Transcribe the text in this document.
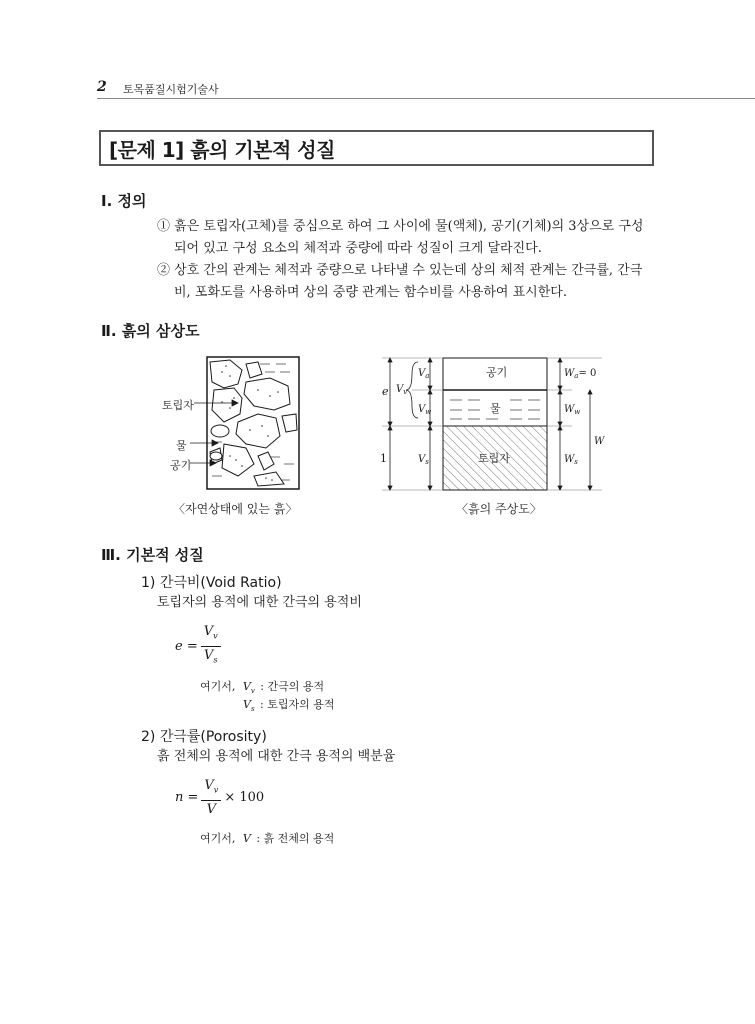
2 토목품질시험기술사
[문제 1] 흙의 기본적 성질
Ⅰ. 정의
① 흙은 토립자(고체)를 중심으로 하여 그 사이에 물(액체), 공기(기체)의 3상으로 구성
되어 있고 구성 요소의 체적과 중량에 따라 성질이 크게 달라진다.
② 상호 간의 관계는 체적과 중량으로 나타낼 수 있는데 상의 체적 관계는 간극률, 간극
비, 포화도를 사용하며 상의 중량 관계는 함수비를 사용하여 표시한다.
Ⅱ. 흙의 삼상도
토립자
물
공기
〈자연상태에 있는 흙〉
공기
물
토립자
e
1
$V_v$
$V_a$
$V_w$
$V_s$
$W_a= 0$
$W_w$
$W_s$
W
〈흙의 주상도〉
Ⅲ. 기본적 성질
1) 간극비(Void Ratio)
토립자의 용적에 대한 간극의 용적비
$e = \frac{V_v}{V_s}$
여기서, $V_v$ : 간극의 용적
$V_s$ : 토립자의 용적
2) 간극률(Porosity)
흙 전체의 용적에 대한 간극 용적의 백분율
$n = \frac{V_v}{V} \times 100$
여기서, V : 흙 전체의 용적
